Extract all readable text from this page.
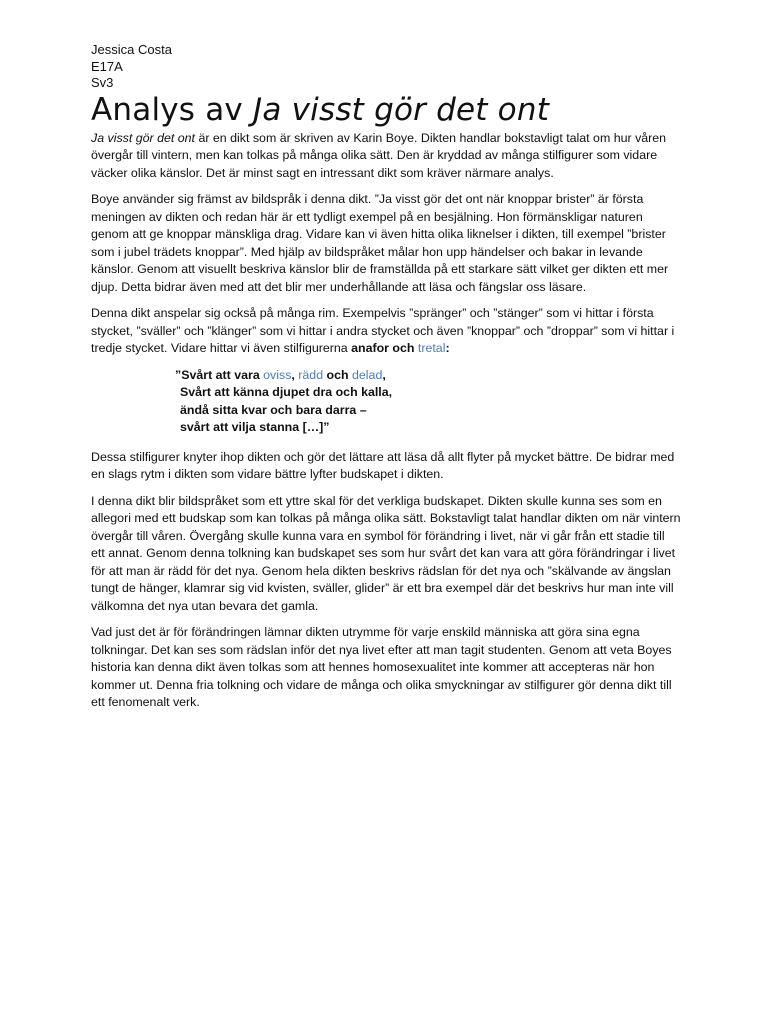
Jessica Costa

E17A

Sv3

Analys av Ja visst gör det ont

Ja visst gör det ont är en dikt som är skriven av Karin Boye. Dikten handlar bokstavligt talat om hur våren övergår till vintern, men kan tolkas på många olika sätt. Den är kryddad av många stilfigurer som vidare väcker olika känslor. Det är minst sagt en intressant dikt som kräver närmare analys.

Boye använder sig främst av bildspråk i denna dikt. ”Ja visst gör det ont när knoppar brister” är första meningen av dikten och redan här är ett tydligt exempel på en besjälning. Hon förmänskligar naturen genom att ge knoppar mänskliga drag. Vidare kan vi även hitta olika liknelser i dikten, till exempel ”brister som i jubel trädets knoppar”. Med hjälp av bildspråket målar hon upp händelser och bakar in levande känslor. Genom att visuellt beskriva känslor blir de framställda på ett starkare sätt vilket ger dikten ett mer djup. Detta bidrar även med att det blir mer underhållande att läsa och fängslar oss läsare.

Denna dikt anspelar sig också på många rim. Exempelvis ”spränger” och ”stänger” som vi hittar i första stycket, ”sväller” och ”klänger” som vi hittar i andra stycket och även ”knoppar” och ”droppar” som vi hittar i tredje stycket. Vidare hittar vi även stilfigurerna anafor och tretal:

”Svårt att vara oviss, rädd och delad,
Svårt att känna djupet dra och kalla,
ändå sitta kvar och bara darra –
svårt att vilja stanna […]”

Dessa stilfigurer knyter ihop dikten och gör det lättare att läsa då allt flyter på mycket bättre. De bidrar med en slags rytm i dikten som vidare bättre lyfter budskapet i dikten.

I denna dikt blir bildspråket som ett yttre skal för det verkliga budskapet. Dikten skulle kunna ses som en allegori med ett budskap som kan tolkas på många olika sätt. Bokstavligt talat handlar dikten om när vintern övergår till våren. Övergång skulle kunna vara en symbol för förändring i livet, när vi går från ett stadie till ett annat. Genom denna tolkning kan budskapet ses som hur svårt det kan vara att göra förändringar i livet för att man är rädd för det nya. Genom hela dikten beskrivs rädslan för det nya och ”skälvande av ängslan tungt de hänger, klamrar sig vid kvisten, sväller, glider” är ett bra exempel där det beskrivs hur man inte vill välkomna det nya utan bevara det gamla.

Vad just det är för förändringen lämnar dikten utrymme för varje enskild människa att göra sina egna tolkningar. Det kan ses som rädslan inför det nya livet efter att man tagit studenten. Genom att veta Boyes historia kan denna dikt även tolkas som att hennes homosexualitet inte kommer att accepteras när hon kommer ut. Denna fria tolkning och vidare de många och olika smyckningar av stilfigurer gör denna dikt till ett fenomenalt verk.
